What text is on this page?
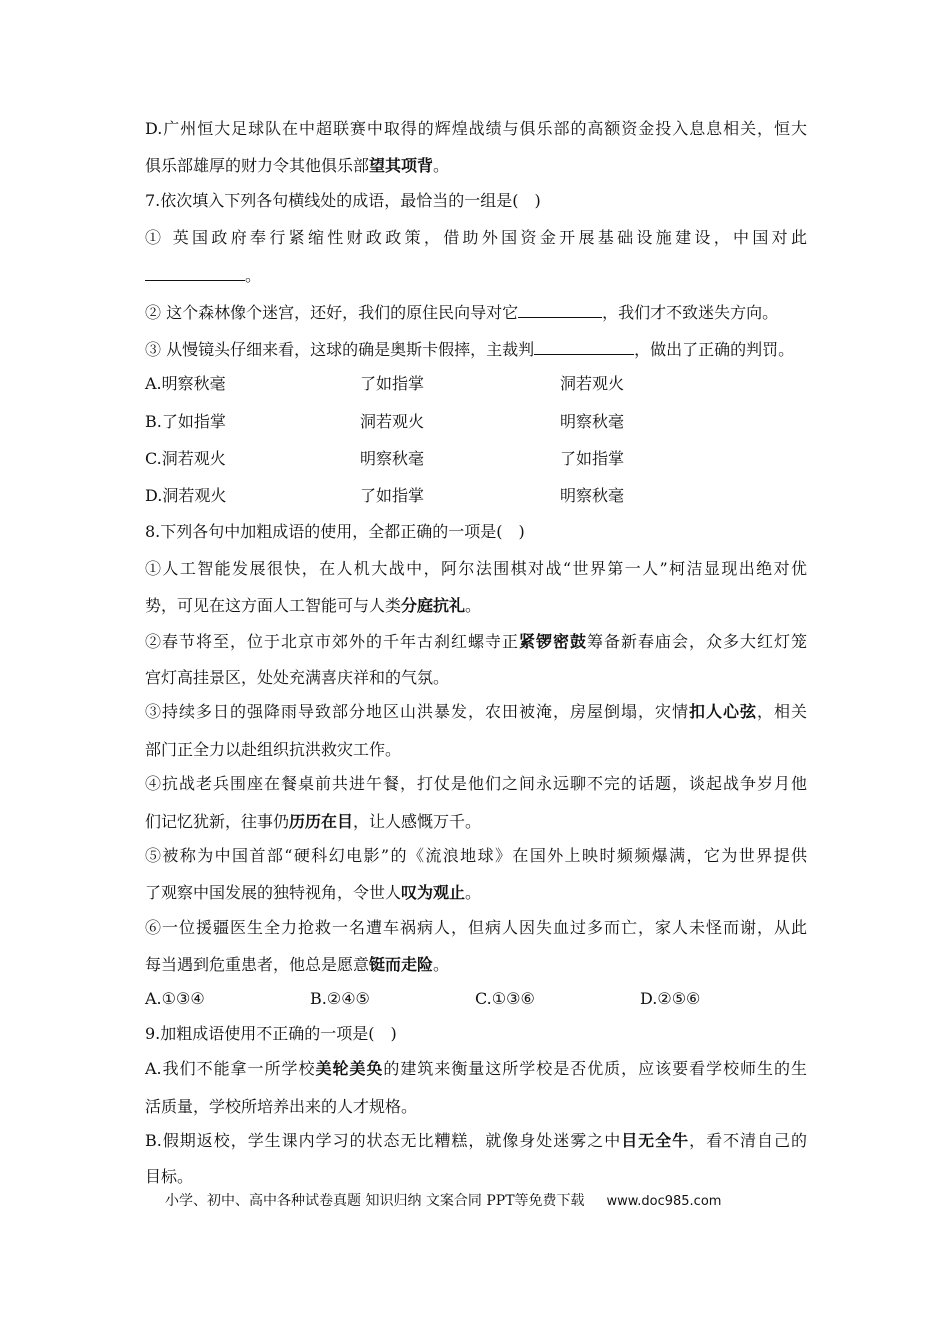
D.广州恒大足球队在中超联赛中取得的辉煌战绩与俱乐部的高额资金投入息息相关，恒大
俱乐部雄厚的财力令其他俱乐部望其项背。
7.依次填入下列各句横线处的成语，最恰当的一组是(　)
① 英国政府奉行紧缩性财政政策，借助外国资金开展基础设施建设，中国对此
。
② 这个森林像个迷宫，还好，我们的原住民向导对它	，我们才不致迷失方向。
③ 从慢镜头仔细来看，这球的确是奥斯卡假摔，主裁判	，做出了正确的判罚。
A.明察秋毫	了如指掌	洞若观火
B.了如指掌	洞若观火	明察秋毫
C.洞若观火	明察秋毫	了如指掌
D.洞若观火	了如指掌	明察秋毫
8.下列各句中加粗成语的使用，全都正确的一项是(　)
①人工智能发展很快，在人机大战中，阿尔法围棋对战“世界第一人”柯洁显现出绝对优
势，可见在这方面人工智能可与人类分庭抗礼。
②春节将至，位于北京市郊外的千年古刹红螺寺正紧锣密鼓筹备新春庙会，众多大红灯笼
宫灯高挂景区，处处充满喜庆祥和的气氛。
③持续多日的强降雨导致部分地区山洪暴发，农田被淹，房屋倒塌，灾情扣人心弦，相关
部门正全力以赴组织抗洪救灾工作。
④抗战老兵围座在餐桌前共进午餐，打仗是他们之间永远聊不完的话题，谈起战争岁月他
们记忆犹新，往事仍历历在目，让人感慨万千。
⑤被称为中国首部“硬科幻电影”的《流浪地球》在国外上映时频频爆满，它为世界提供
了观察中国发展的独特视角，令世人叹为观止。
⑥一位援疆医生全力抢救一名遭车祸病人，但病人因失血过多而亡，家人未怪而谢，从此
每当遇到危重患者，他总是愿意铤而走险。
A.①③④	B.②④⑤	C.①③⑥	D.②⑤⑥
9.加粗成语使用不正确的一项是(　)
A.我们不能拿一所学校美轮美奂的建筑来衡量这所学校是否优质，应该要看学校师生的生
活质量，学校所培养出来的人才规格。
B.假期返校，学生课内学习的状态无比糟糕，就像身处迷雾之中目无全牛，看不清自己的
目标。
小学、初中、高中各种试卷真题 知识归纳 文案合同 PPT等免费下载 www.doc985.com
